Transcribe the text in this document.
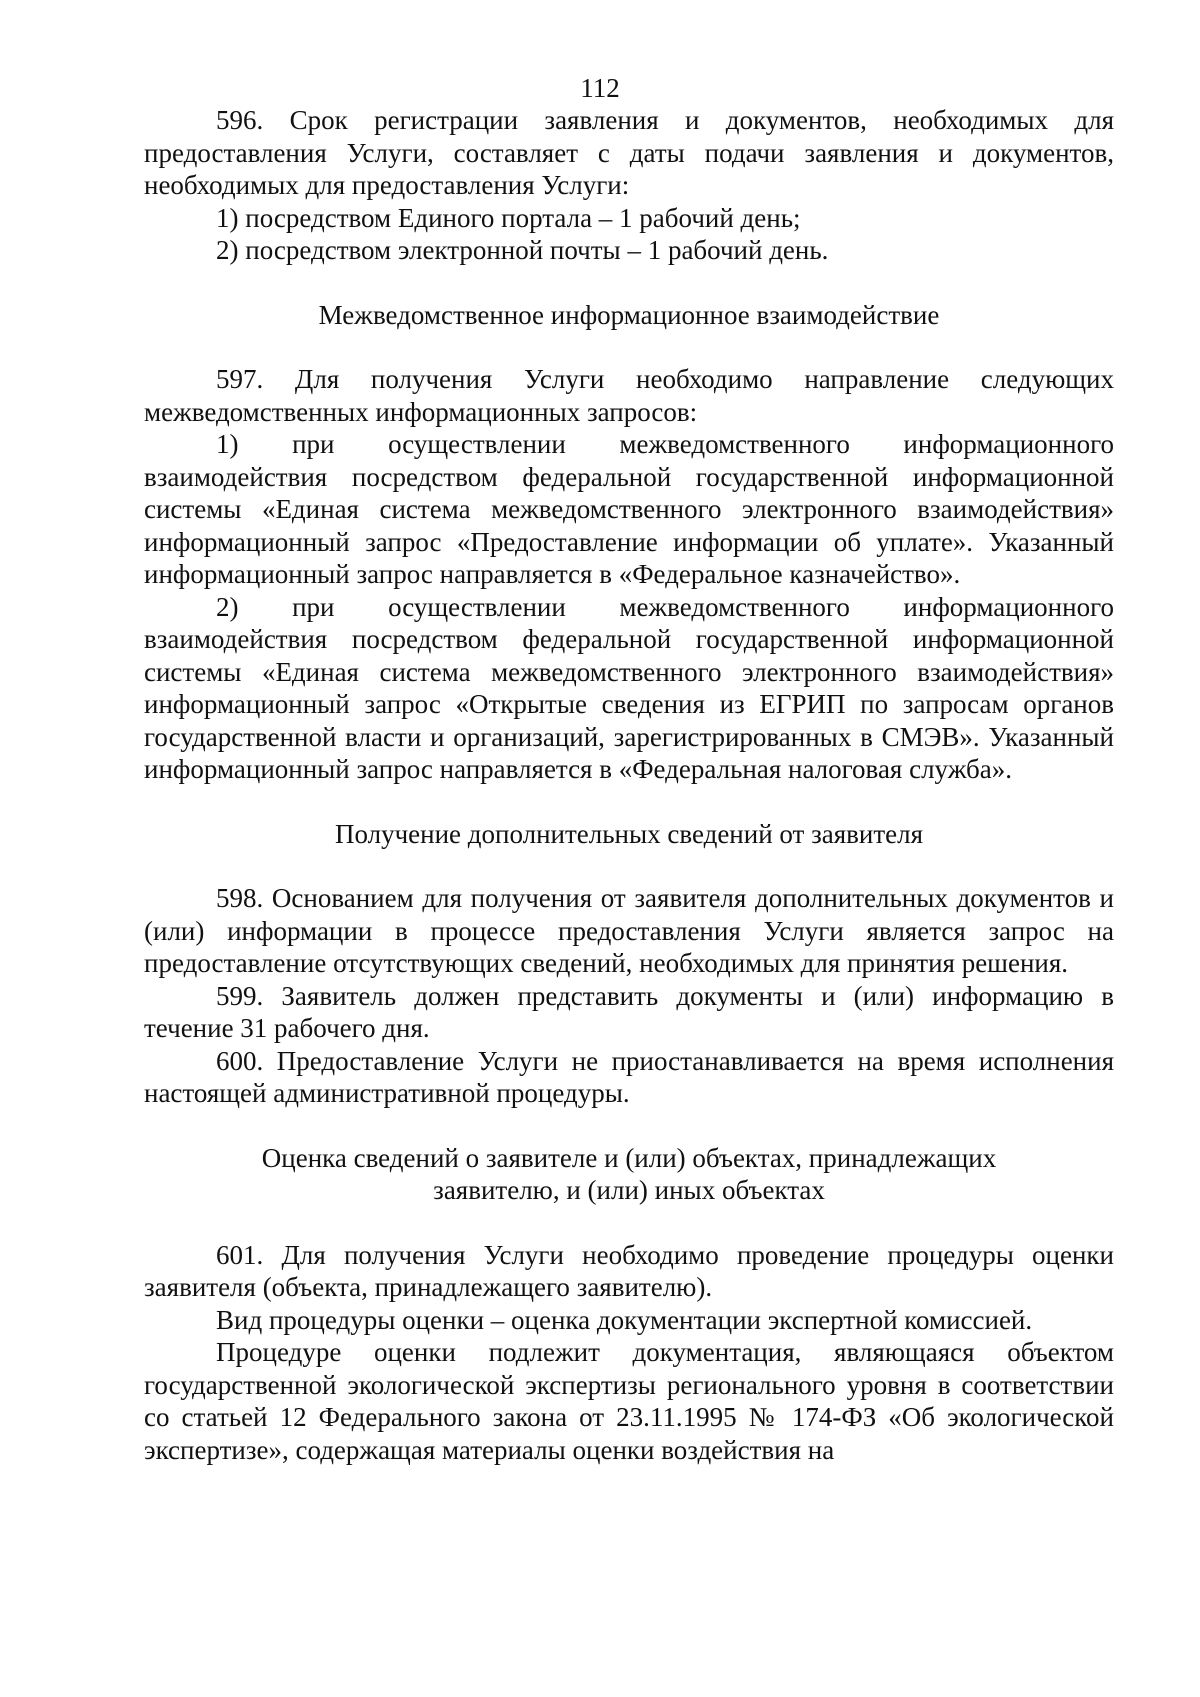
112

596. Срок регистрации заявления и документов, необходимых для предоставления Услуги, составляет с даты подачи заявления и документов, необходимых для предоставления Услуги:

1) посредством Единого портала – 1 рабочий день;

2) посредством электронной почты – 1 рабочий день.

Межведомственное информационное взаимодействие

597. Для получения Услуги необходимо направление следующих межведомственных информационных запросов:

1) при осуществлении межведомственного информационного взаимодействия посредством федеральной государственной информационной системы «Единая система межведомственного электронного взаимодействия» информационный запрос «Предоставление информации об уплате». Указанный информационный запрос направляется в «Федеральное казначейство».

2) при осуществлении межведомственного информационного взаимодействия посредством федеральной государственной информационной системы «Единая система межведомственного электронного взаимодействия» информационный запрос «Открытые сведения из ЕГРИП по запросам органов государственной власти и организаций, зарегистрированных в СМЭВ». Указанный информационный запрос направляется в «Федеральная налоговая служба».

Получение дополнительных сведений от заявителя

598. Основанием для получения от заявителя дополнительных документов и (или) информации в процессе предоставления Услуги является запрос на предоставление отсутствующих сведений, необходимых для принятия решения.

599. Заявитель должен представить документы и (или) информацию в течение 31 рабочего дня.

600. Предоставление Услуги не приостанавливается на время исполнения настоящей административной процедуры.

Оценка сведений о заявителе и (или) объектах, принадлежащих

заявителю, и (или) иных объектах

601. Для получения Услуги необходимо проведение процедуры оценки заявителя (объекта, принадлежащего заявителю).

Вид процедуры оценки – оценка документации экспертной комиссией.

Процедуре оценки подлежит документация, являющаяся объектом государственной экологической экспертизы регионального уровня в соответствии со статьей 12 Федерального закона от 23.11.1995 № 174-ФЗ «Об экологической экспертизе», содержащая материалы оценки воздействия на
